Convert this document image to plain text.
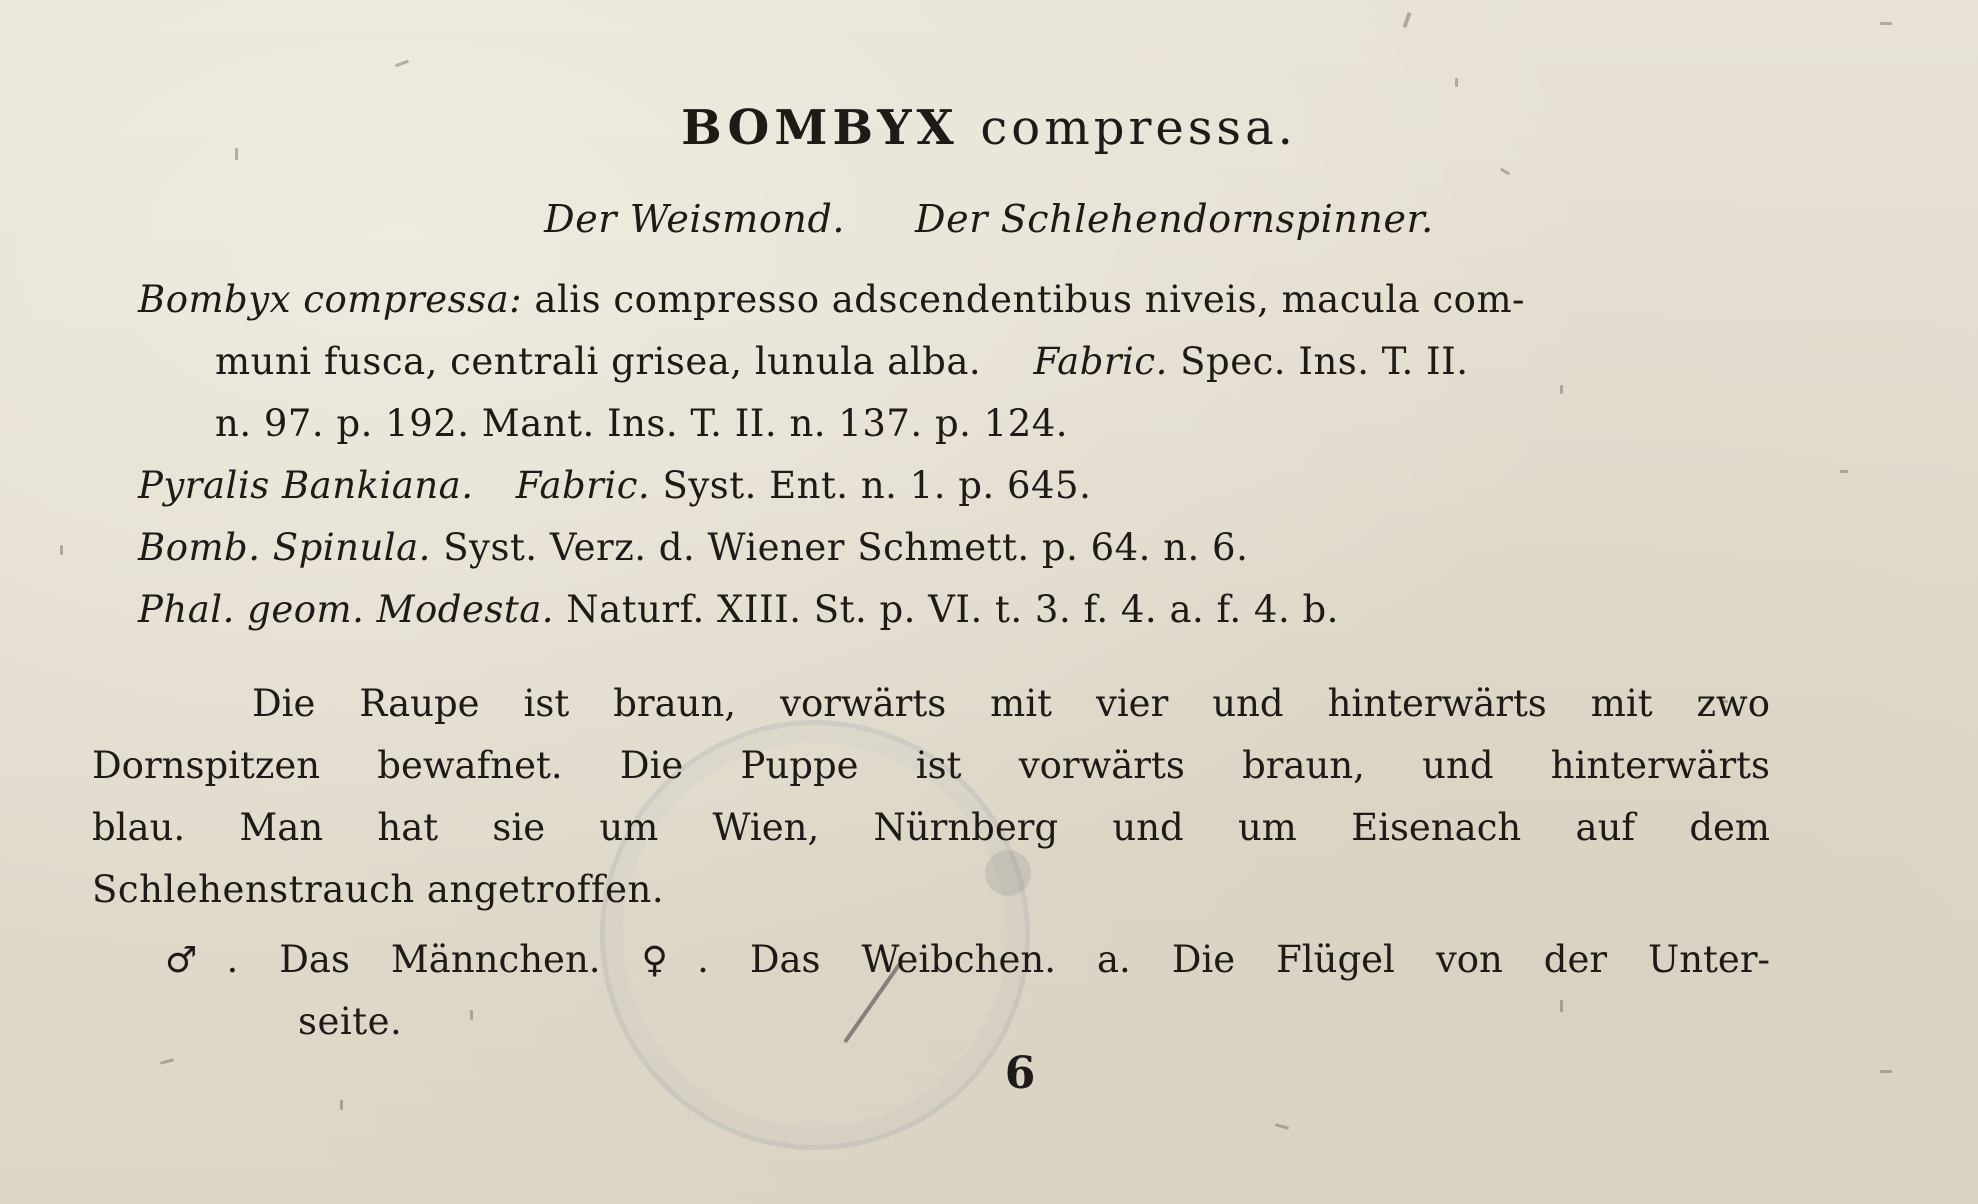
BOMBYX compressa.
Der Weismond. Der Schlehendornspinner.
Bombyx compressa: alis compresso adscendentibus niveis, macula com-
muni fusca, centrali grisea, lunula alba. Fabric. Spec. Ins. T. II.
n. 97. p. 192. Mant. Ins. T. II. n. 137. p. 124.
Pyralis Bankiana. Fabric. Syst. Ent. n. 1. p. 645.
Bomb. Spinula. Syst. Verz. d. Wiener Schmett. p. 64. n. 6.
Phal. geom. Modesta. Naturf. XIII. St. p. VI. t. 3. f. 4. a. f. 4. b.
Die Raupe ist braun, vorwärts mit vier und hinterwärts mit zwo
Dornspitzen bewafnet. Die Puppe ist vorwärts braun, und hinterwärts
blau. Man hat sie um Wien, Nürnberg und um Eisenach auf dem
Schlehenstrauch angetroffen.
♂. Das Männchen. ♀. Das Weibchen. a. Die Flügel von der Unter-
seite.
6
